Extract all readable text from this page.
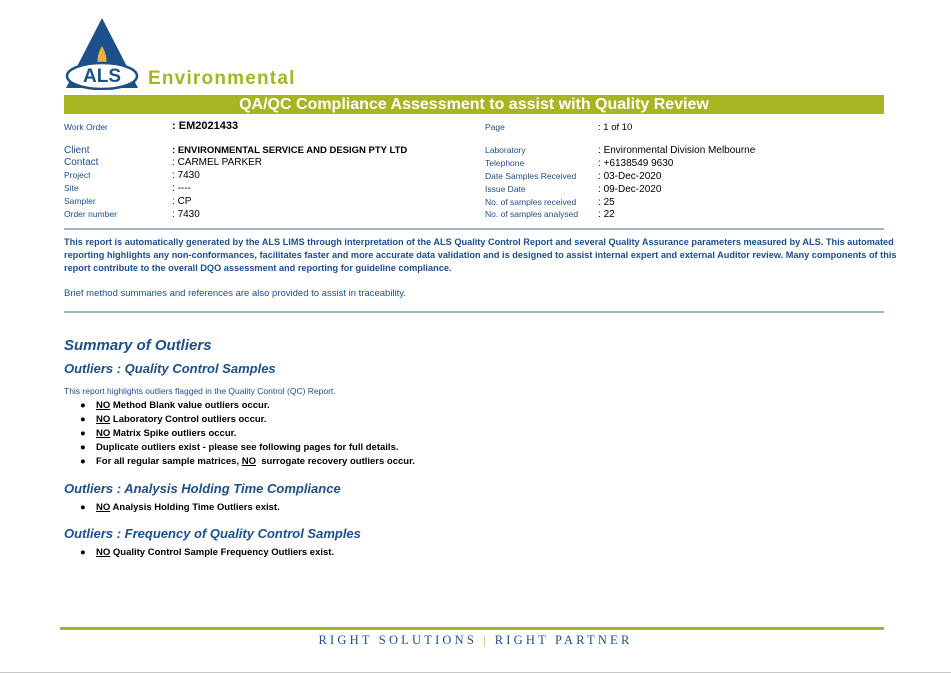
ALS Environmental
QA/QC Compliance Assessment to assist with Quality Review
Work Order	: EM2021433
Client	: ENVIRONMENTAL SERVICE AND DESIGN PTY LTD
Contact	: CARMEL PARKER
Project	: 7430
Site	: ----
Sampler	: CP
Order number	: 7430
Page	: 1 of 10
Laboratory	: Environmental Division Melbourne
Telephone	: +6138549 9630
Date Samples Received : 03-Dec-2020
Issue Date	: 09-Dec-2020
No. of samples received : 25
No. of samples analysed : 22
This report is automatically generated by the ALS LIMS through interpretation of the ALS Quality Control Report and several Quality Assurance parameters measured by ALS. This automated
reporting highlights any non-conformances, facilitates faster and more accurate data validation and is designed to assist internal expert and external Auditor review. Many components of this
report contribute to the overall DQO assessment and reporting for guideline compliance.
Brief method summaries and references are also provided to assist in traceability.
Summary of Outliers
Outliers : Quality Control Samples
This report highlights outliers flagged in the Quality Control (QC) Report.
● NO Method Blank value outliers occur.
● NO Laboratory Control outliers occur.
● NO Matrix Spike outliers occur.
● Duplicate outliers exist - please see following pages for full details.
● For all regular sample matrices, NO  surrogate recovery outliers occur.
Outliers : Analysis Holding Time Compliance
● NO Analysis Holding Time Outliers exist.
Outliers : Frequency of Quality Control Samples
● NO Quality Control Sample Frequency Outliers exist.
RIGHT SOLUTIONS | RIGHT PARTNER
